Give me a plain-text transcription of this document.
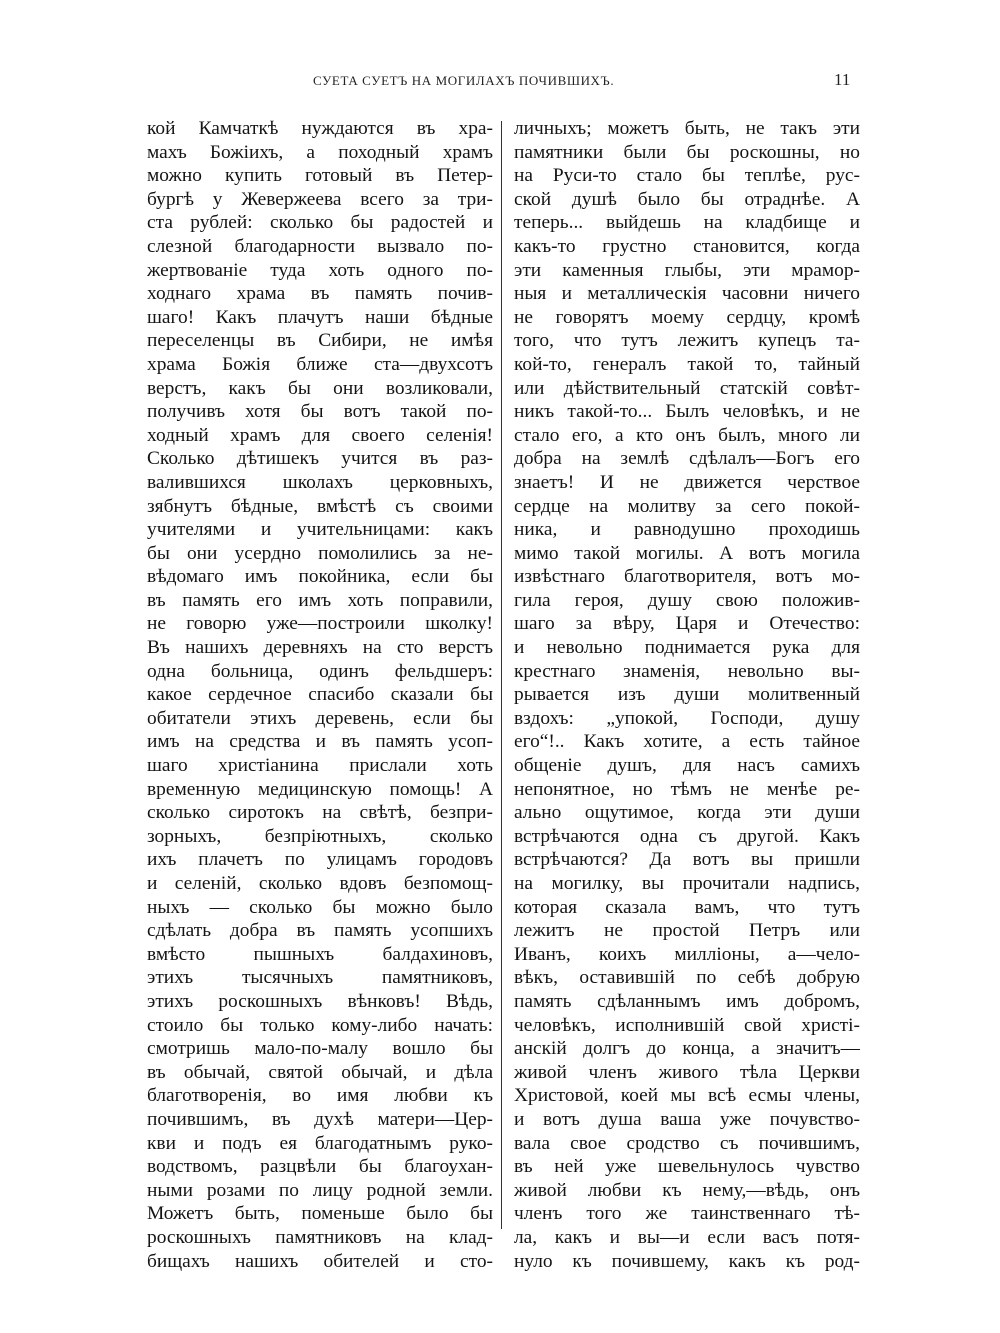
СУЕТА СУЕТЪ НА МОГИЛАХЪ ПОЧИВШИХЪ.	11
кой Камчаткѣ нуждаются въ хра-
махъ Божіихъ, а походный храмъ
можно купить готовый въ Петер-
бургѣ у Жевержеева всего за три-
ста рублей: сколько бы радостей и
слезной благодарности вызвало по-
жертвованіе туда хоть одного по-
ходнаго храма въ память почив-
шаго! Какъ плачутъ наши бѣдные
переселенцы въ Сибири, не имѣя
храма Божія ближе ста—двухсотъ
верстъ, какъ бы они возликовали,
получивъ хотя бы вотъ такой по-
ходный храмъ для своего селенія!
Сколько дѣтишекъ учится въ раз-
валившихся школахъ церковныхъ,
зябнутъ бѣдные, вмѣстѣ съ своими
учителями и учительницами: какъ
бы они усердно помолились за не-
вѣдомаго имъ покойника, если бы
въ память его имъ хоть поправили,
не говорю уже—построили школку!
Въ нашихъ деревняхъ на сто верстъ
одна больница, одинъ фельдшеръ:
какое сердечное спасибо сказали бы
обитатели этихъ деревень, если бы
имъ на средства и въ память усоп-
шаго христіанина прислали хоть
временную медицинскую помощь! А
сколько сиротокъ на свѣтѣ, безпри-
зорныхъ, безпріютныхъ, сколько
ихъ плачетъ по улицамъ городовъ
и селеній, сколько вдовъ безпомощ-
ныхъ — сколько бы можно было
сдѣлать добра въ память усопшихъ
вмѣсто пышныхъ балдахиновъ,
этихъ тысячныхъ памятниковъ,
этихъ роскошныхъ вѣнковъ! Вѣдь,
стоило бы только кому-либо начать:
смотришь мало-по-малу вошло бы
въ обычай, святой обычай, и дѣла
благотворенія, во имя любви къ
почившимъ, въ духѣ матери—Цер-
кви и подъ ея благодатнымъ руко-
водствомъ, разцвѣли бы благоухан-
ными розами по лицу родной земли.
Можетъ быть, поменьше было бы
роскошныхъ памятниковъ на клад-
бищахъ нашихъ обителей и сто-
личныхъ; можетъ быть, не такъ эти
памятники были бы роскошны, но
на Руси-то стало бы теплѣе, рус-
ской душѣ было бы отраднѣе. А
теперь... выйдешь на кладбище и
какъ-то грустно становится, когда
эти каменныя глыбы, эти мрамор-
ныя и металлическія часовни ничего
не говорятъ моему сердцу, кромѣ
того, что тутъ лежитъ купецъ та-
кой-то, генералъ такой то, тайный
или дѣйствительный статскій совѣт-
никъ такой-то... Былъ человѣкъ, и не
стало его, а кто онъ былъ, много ли
добра на землѣ сдѣлалъ—Богъ его
знаетъ! И не движется черствое
сердце на молитву за сего покой-
ника, и равнодушно проходишь
мимо такой могилы. А вотъ могила
извѣстнаго благотворителя, вотъ мо-
гила героя, душу свою положив-
шаго за вѣру, Царя и Отечество:
и невольно поднимается рука для
крестнаго знаменія, невольно вы-
рывается изъ души молитвенный
вздохъ: „упокой, Господи, душу
его“!.. Какъ хотите, а есть тайное
общеніе душъ, для насъ самихъ
непонятное, но тѣмъ не менѣе ре-
ально ощутимое, когда эти души
встрѣчаются одна съ другой. Какъ
встрѣчаются? Да вотъ вы пришли
на могилку, вы прочитали надпись,
которая сказала вамъ, что тутъ
лежитъ не простой Петръ или
Иванъ, коихъ милліоны, а—чело-
вѣкъ, оставившій по себѣ добрую
память сдѣланнымъ имъ добромъ,
человѣкъ, исполнившій свой христі-
анскій долгъ до конца, а значитъ—
живой членъ живого тѣла Церкви
Христовой, коей мы всѣ есмы члены,
и вотъ душа ваша уже почувство-
вала свое сродство съ почившимъ,
въ ней уже шевельнулось чувство
живой любви къ нему,—вѣдь, онъ
членъ того же таинственнаго тѣ-
ла, какъ и вы—и если васъ потя-
нуло къ почившему, какъ къ род-
